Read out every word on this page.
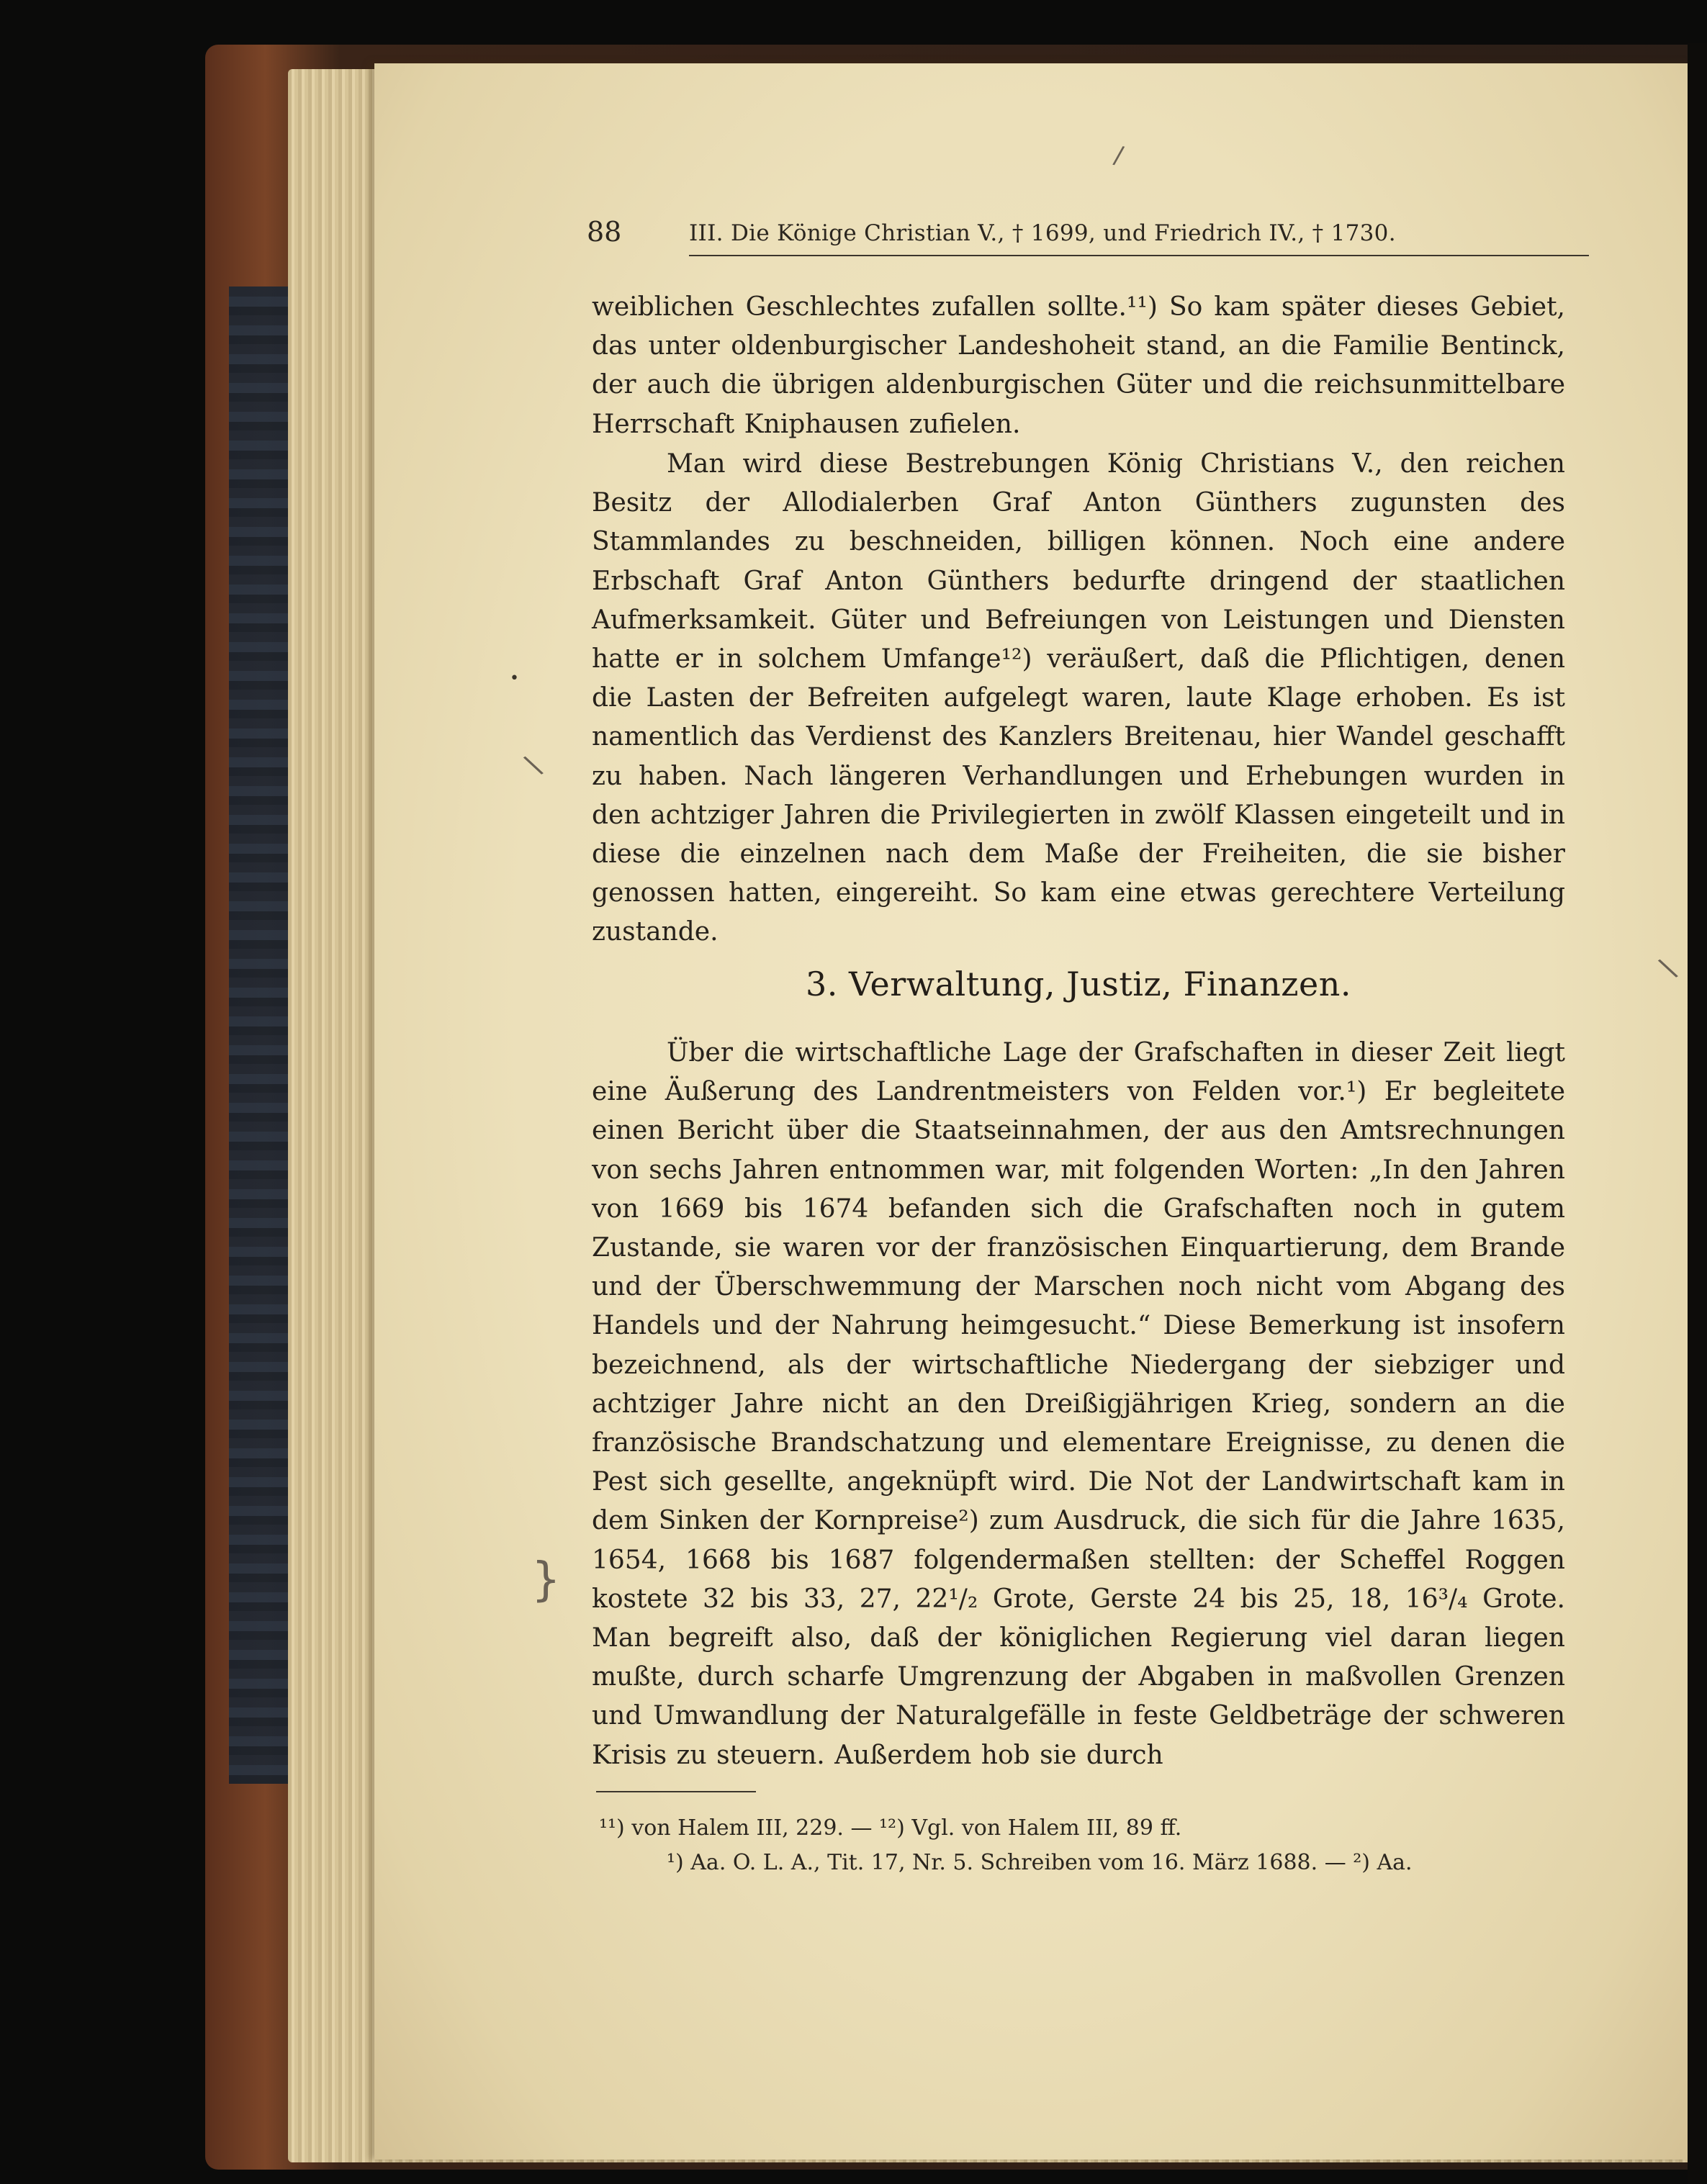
/
\
\
}
•
88	III. Die Könige Christian V., † 1699, und Friedrich IV., † 1730.
weiblichen Geschlechtes zufallen sollte.¹¹) So kam später dieses Gebiet, das unter oldenburgischer Landeshoheit stand, an die Familie Bentinck, der auch die übrigen aldenburgischen Güter und die reichsunmittelbare Herrschaft Kniphausen zufielen.
Man wird diese Bestrebungen König Christians V., den reichen Besitz der Allodialerben Graf Anton Günthers zugunsten des Stammlandes zu beschneiden, billigen können. Noch eine andere Erbschaft Graf Anton Günthers bedurfte dringend der staatlichen Aufmerksamkeit. Güter und Befreiungen von Leistungen und Diensten hatte er in solchem Umfange¹²) veräußert, daß die Pflichtigen, denen die Lasten der Befreiten aufgelegt waren, laute Klage erhoben. Es ist namentlich das Verdienst des Kanzlers Breitenau, hier Wandel geschafft zu haben. Nach längeren Verhandlungen und Erhebungen wurden in den achtziger Jahren die Privilegierten in zwölf Klassen eingeteilt und in diese die einzelnen nach dem Maße der Freiheiten, die sie bisher genossen hatten, eingereiht. So kam eine etwas gerechtere Verteilung zustande.
3. Verwaltung, Justiz, Finanzen.
Über die wirtschaftliche Lage der Grafschaften in dieser Zeit liegt eine Äußerung des Landrentmeisters von Felden vor.¹) Er begleitete einen Bericht über die Staatseinnahmen, der aus den Amtsrechnungen von sechs Jahren entnommen war, mit folgenden Worten: „In den Jahren von 1669 bis 1674 befanden sich die Grafschaften noch in gutem Zustande, sie waren vor der französischen Einquartierung, dem Brande und der Überschwemmung der Marschen noch nicht vom Abgang des Handels und der Nahrung heimgesucht.“ Diese Bemerkung ist insofern bezeichnend, als der wirtschaftliche Niedergang der siebziger und achtziger Jahre nicht an den Dreißigjährigen Krieg, sondern an die französische Brandschatzung und elementare Ereignisse, zu denen die Pest sich gesellte, angeknüpft wird. Die Not der Landwirtschaft kam in dem Sinken der Kornpreise²) zum Ausdruck, die sich für die Jahre 1635, 1654, 1668 bis 1687 folgendermaßen stellten: der Scheffel Roggen kostete 32 bis 33, 27, 22¹/₂ Grote, Gerste 24 bis 25, 18, 16³/₄ Grote. Man begreift also, daß der königlichen Regierung viel daran liegen mußte, durch scharfe Umgrenzung der Abgaben in maßvollen Grenzen und Umwandlung der Naturalgefälle in feste Geldbeträge der schweren Krisis zu steuern. Außerdem hob sie durch
¹¹) von Halem III, 229. — ¹²) Vgl. von Halem III, 89 ff.
¹) Aa. O. L. A., Tit. 17, Nr. 5. Schreiben vom 16. März 1688. — ²) Aa.
